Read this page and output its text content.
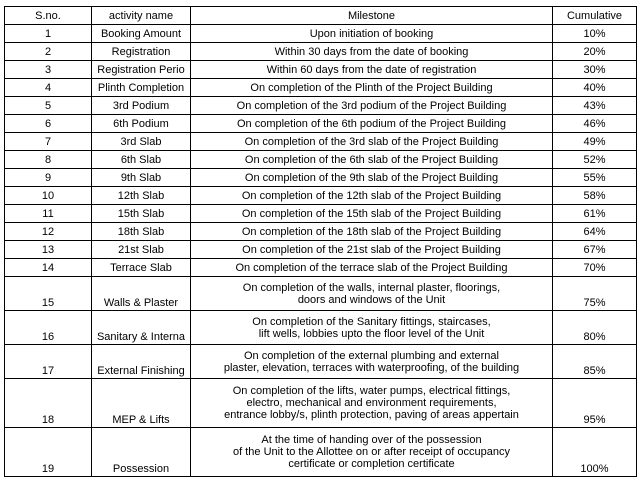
S.no.	activity name	Milestone	Cumulative
1	Booking Amount	Upon initiation of booking	10%
2	Registration	Within 30 days from the date of booking	20%
3	Registration Perio	Within 60 days from the date of registration	30%
4	Plinth Completion	On completion of the Plinth of the Project Building	40%
5	3rd Podium	On completion of the 3rd podium of the Project Building	43%
6	6th Podium	On completion of the 6th podium of the Project Building	46%
7	3rd Slab	On completion of the 3rd slab of the Project Building	49%
8	6th Slab	On completion of the 6th slab of the Project Building	52%
9	9th Slab	On completion of the 9th slab of the Project Building	55%
10	12th Slab	On completion of the 12th slab of the Project Building	58%
11	15th Slab	On completion of the 15th slab of the Project Building	61%
12	18th Slab	On completion of the 18th slab of the Project Building	64%
13	21st Slab	On completion of the 21st slab of the Project Building	67%
14	Terrace Slab	On completion of the terrace slab of the Project Building	70%
15	Walls & Plaster	On completion of the walls, internal plaster, floorings,
doors and windows of the Unit	75%
16	Sanitary & Interna	On completion of the Sanitary fittings, staircases,
lift wells, lobbies upto the floor level of the Unit	80%
17	External Finishing	On completion of the external plumbing and external
plaster, elevation, terraces with waterproofing, of the building	85%
18	MEP & Lifts	On completion of the lifts, water pumps, electrical fittings,
electro, mechanical and environment requirements,
entrance lobby/s, plinth protection, paving of areas appertain	95%
19	Possession	At the time of handing over of the possession
of the Unit to the Allottee on or after receipt of occupancy
certificate or completion certificate	100%
